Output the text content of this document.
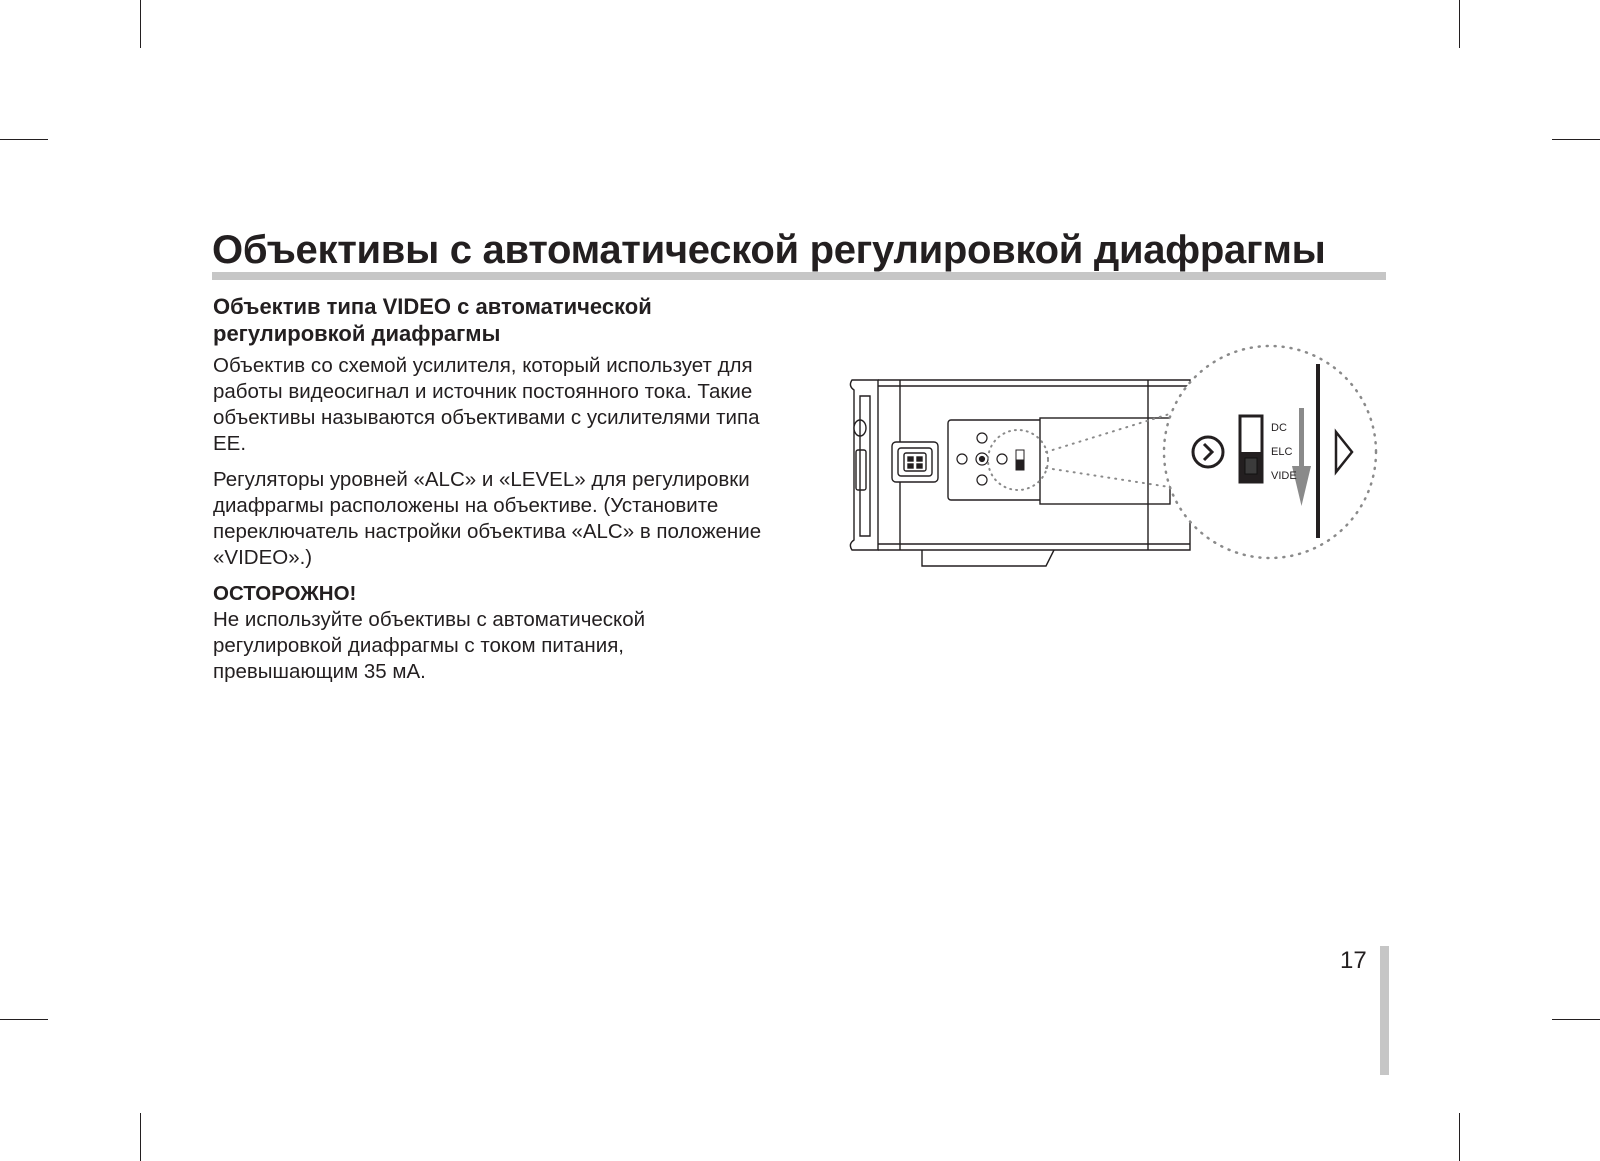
Объективы с автоматической регулировкой диафрагмы
Объектив типа VIDEO с автоматической регулировкой диафрагмы

Объектив со схемой усилителя, который использует для работы видеосигнал и источник постоянного тока. Такие объективы называются объективами с усилителями типа EE.

Регуляторы уровней «ALC» и «LEVEL» для регулировки диафрагмы расположены на объективе. (Установите переключатель настройки объектива «ALC» в положение «VIDEO».)

ОСТОРОЖНО!

Не используйте объективы с автоматической регулировкой диафрагмы с током питания, превышающим 35 мА.

DC
ELC
VIDE
17
